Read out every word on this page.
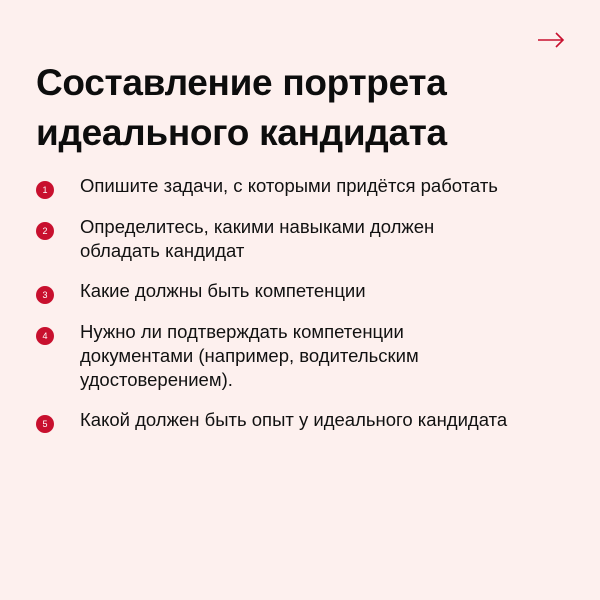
Составление портрета
идеального кандидата
1	Опишите задачи, с которыми придётся работать
2	Определитесь, какими навыками должен
обладать кандидат
3	Какие должны быть компетенции
4	Нужно ли подтверждать компетенции
документами (например, водительским
удостоверением).
5	Какой должен быть опыт у идеального кандидата
